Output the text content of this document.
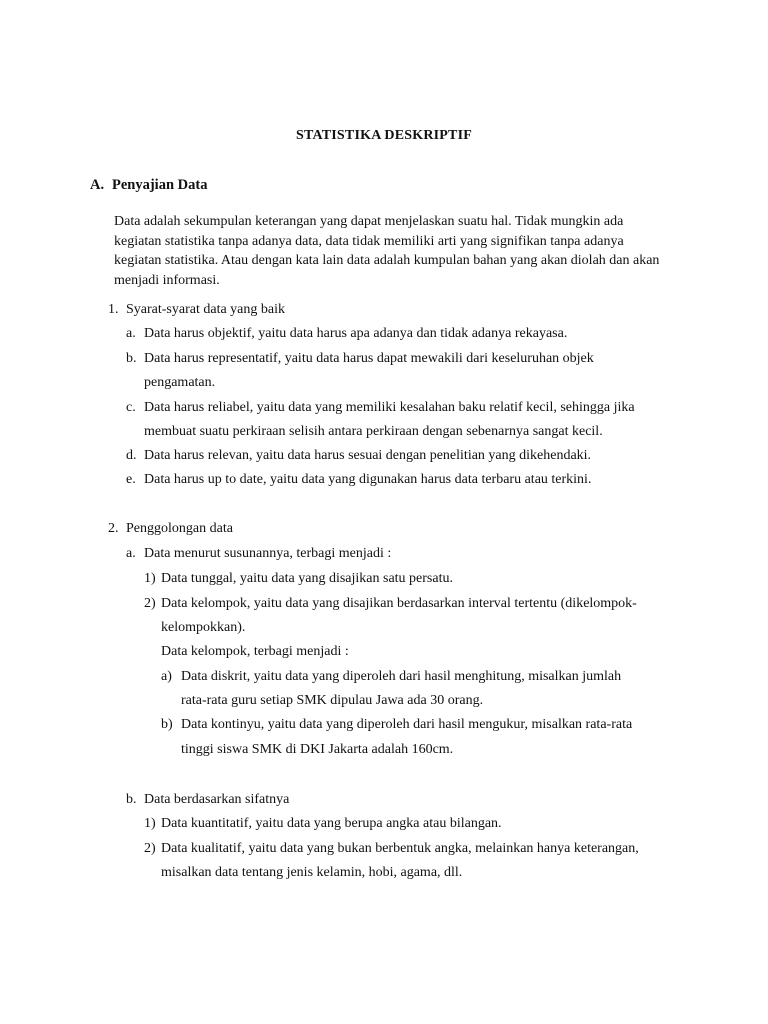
STATISTIKA DESKRIPTIF
A. Penyajian Data
Data adalah sekumpulan keterangan yang dapat menjelaskan suatu hal. Tidak mungkin ada kegiatan statistika tanpa adanya data, data tidak memiliki arti yang signifikan tanpa adanya kegiatan statistika. Atau dengan kata lain data adalah kumpulan bahan yang akan diolah dan akan menjadi informasi.
1. Syarat-syarat data yang baik
a. Data harus objektif, yaitu data harus apa adanya dan tidak adanya rekayasa.
b. Data harus representatif, yaitu data harus dapat mewakili dari keseluruhan objek
pengamatan.
c. Data harus reliabel, yaitu data yang memiliki kesalahan baku relatif kecil, sehingga jika
membuat suatu perkiraan selisih antara perkiraan dengan sebenarnya sangat kecil.
d. Data harus relevan, yaitu data harus sesuai dengan penelitian yang dikehendaki.
e. Data harus up to date, yaitu data yang digunakan harus data terbaru atau terkini.
2. Penggolongan data
a. Data menurut susunannya, terbagi menjadi :
1) Data tunggal, yaitu data yang disajikan satu persatu.
2) Data kelompok, yaitu data yang disajikan berdasarkan interval tertentu (dikelompok-
kelompokkan).
Data kelompok, terbagi menjadi :
a) Data diskrit, yaitu data yang diperoleh dari hasil menghitung, misalkan jumlah
rata-rata guru setiap SMK dipulau Jawa ada 30 orang.
b) Data kontinyu, yaitu data yang diperoleh dari hasil mengukur, misalkan rata-rata
tinggi siswa SMK di DKI Jakarta adalah 160cm.
b. Data berdasarkan sifatnya
1) Data kuantitatif, yaitu data yang berupa angka atau bilangan.
2) Data kualitatif, yaitu data yang bukan berbentuk angka, melainkan hanya keterangan,
misalkan data tentang jenis kelamin, hobi, agama, dll.
